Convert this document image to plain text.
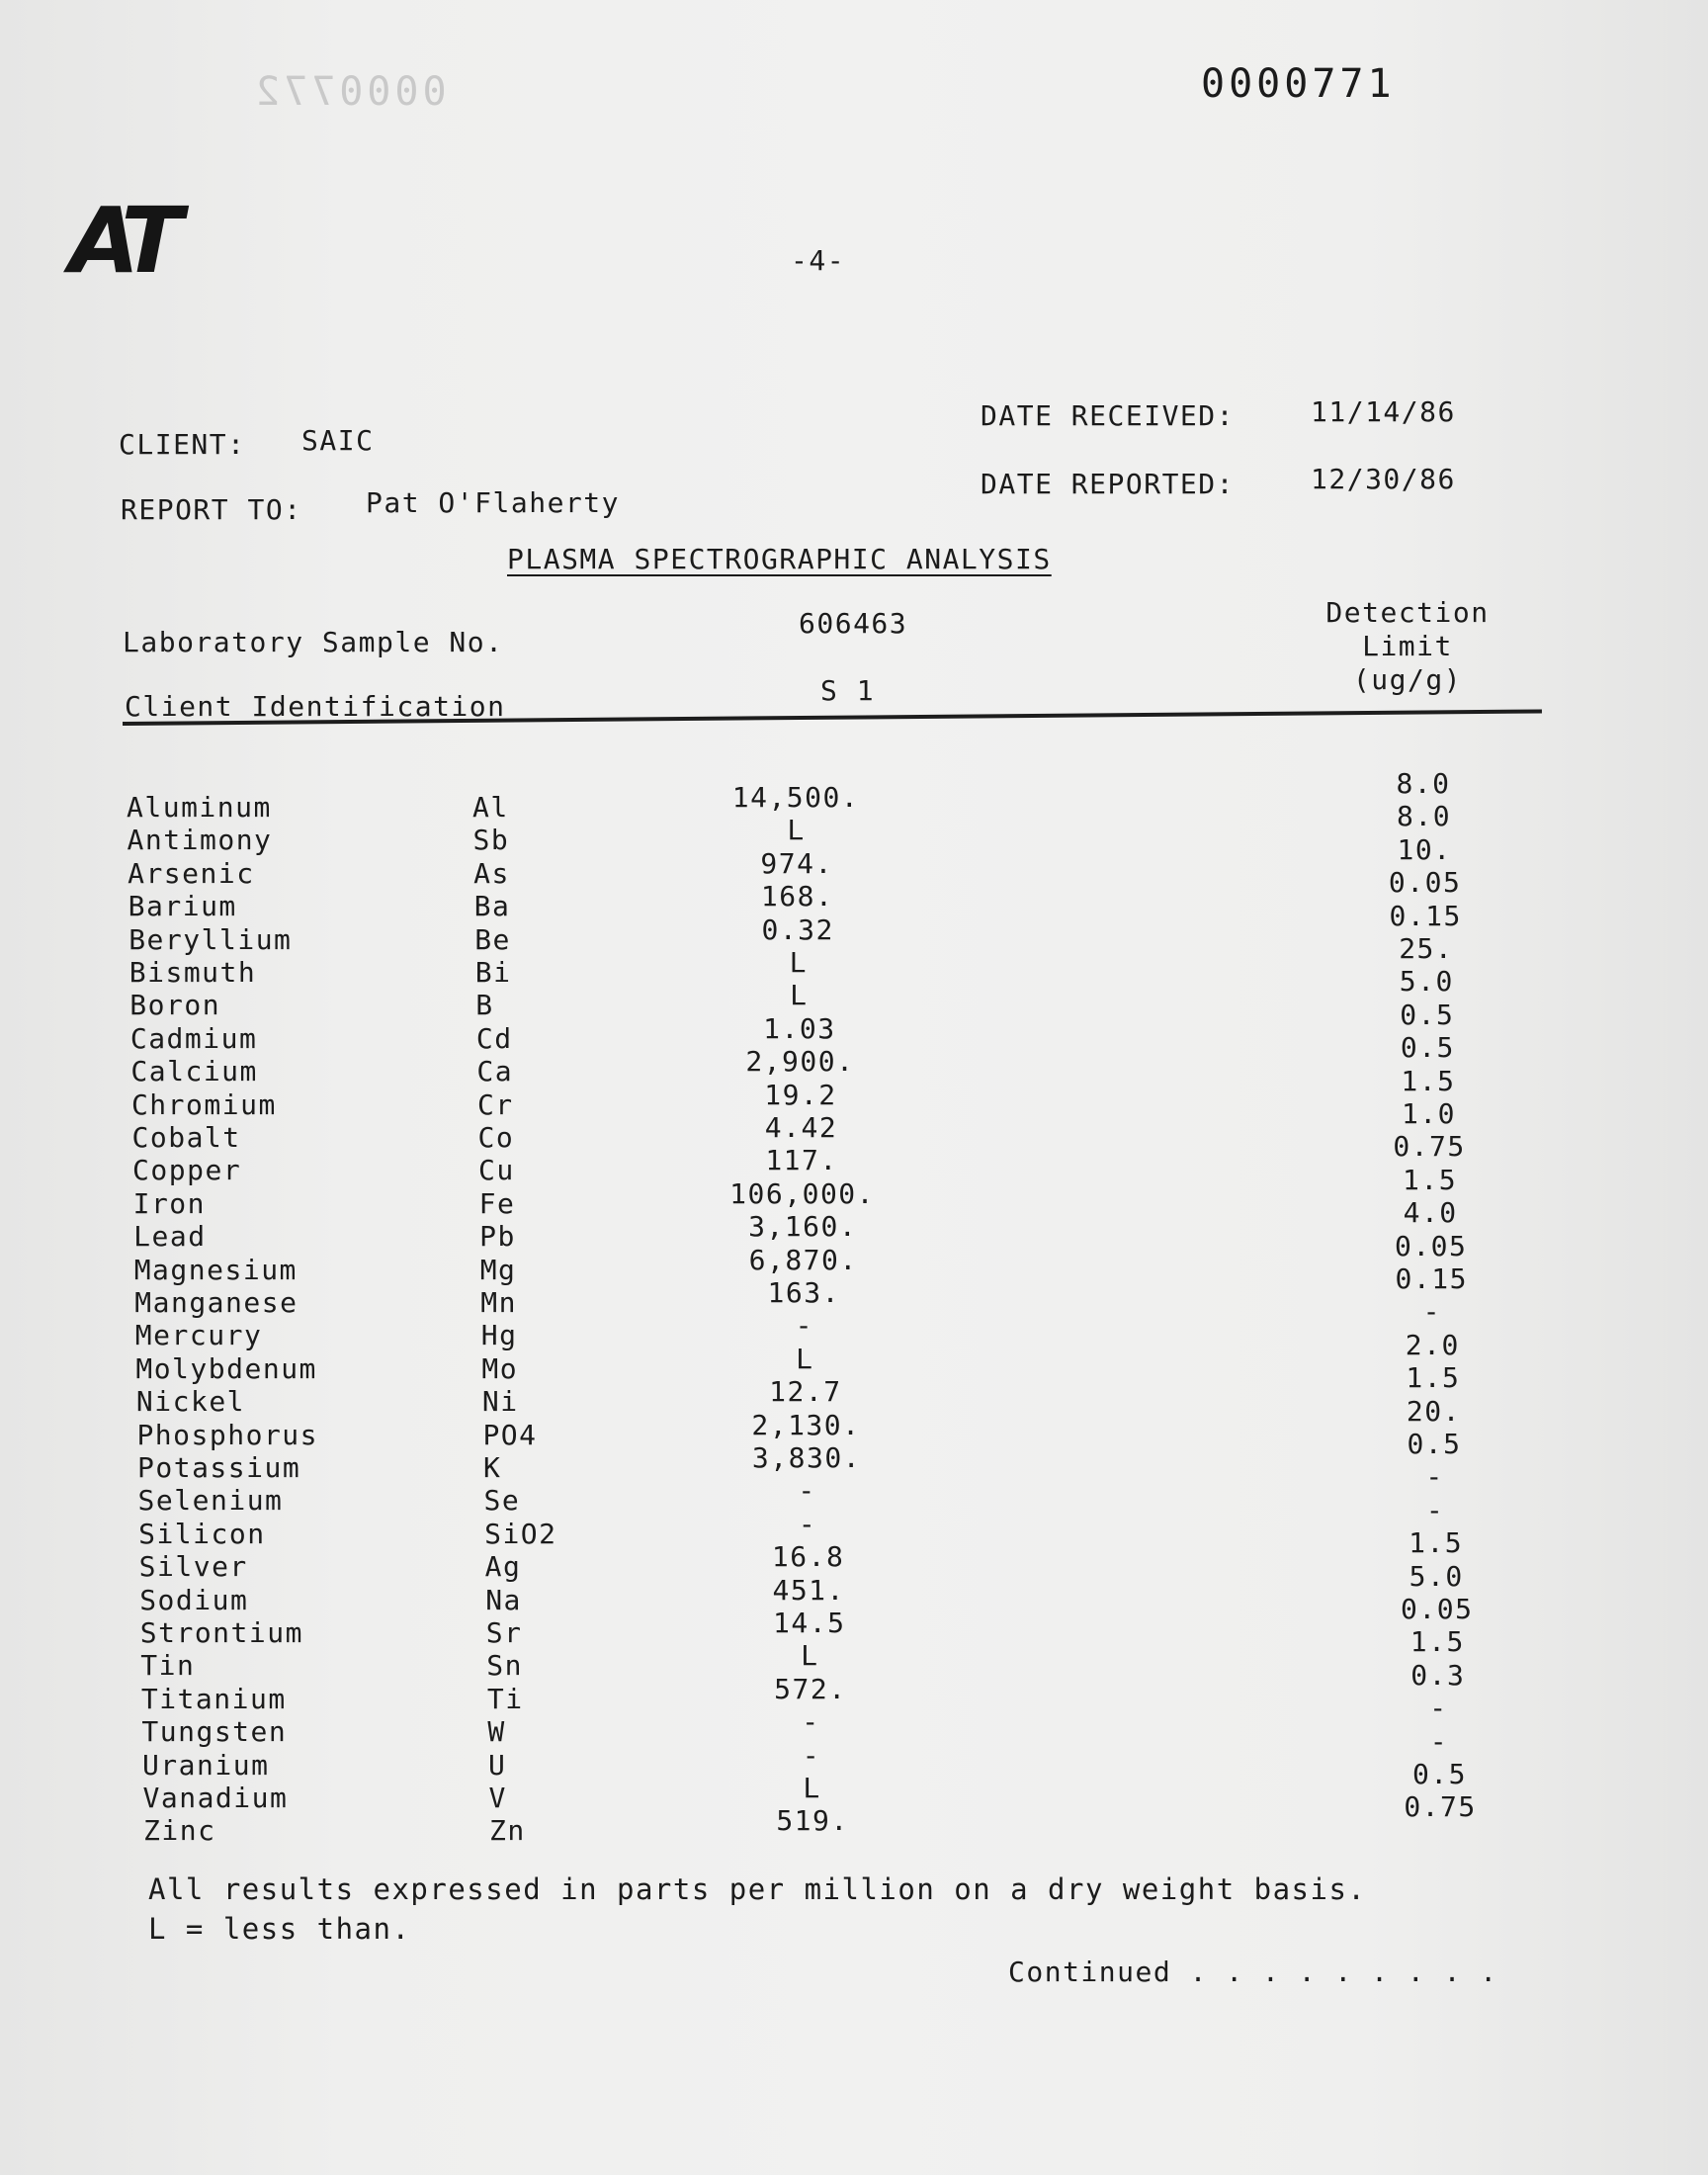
0000772	0000771
AT	-4-
DATE RECEIVED:	11/14/86
CLIENT: SAIC
DATE REPORTED:	12/30/86
REPORT TO: Pat O'Flaherty
PLASMA SPECTROGRAPHIC ANALYSIS
Laboratory Sample No.
606463
Client Identification	S 1
Detection
Limit
(ug/g)
Aluminum	Al	14,500.	8.0
Antimony	Sb	L	8.0
Arsenic	As	974.	10.
Barium	Ba	168.	0.05
Beryllium	Be	0.32	0.15
Bismuth	Bi	L	25.
Boron	B	L	5.0
Cadmium	Cd	1.03	0.5
Calcium	Ca	2,900.	0.5
Chromium	Cr	19.2	1.5
Cobalt	Co	4.42	1.0
Copper	Cu	117.	0.75
Iron	Fe	106,000.	1.5
Lead	Pb	3,160.	4.0
Magnesium	Mg	6,870.	0.05
Manganese	Mn	163.	0.15
Mercury	Hg	-	-
Molybdenum	Mo	L	2.0
Nickel	Ni	12.7	1.5
Phosphorus	PO4	2,130.	20.
Potassium	K	3,830.	0.5
Selenium	Se	-	-
Silicon	SiO2	-	-
Silver	Ag	16.8	1.5
Sodium	Na	451.	5.0
Strontium	Sr	14.5	0.05
Tin	Sn	L	1.5
Titanium	Ti	572.	0.3
Tungsten	W	-	-
Uranium	U	-	-
Vanadium	V	L	0.5
Zinc	Zn	519.	0.75
All results expressed in parts per million on a dry weight basis.
L = less than.
Continued . . . . . . . . .
